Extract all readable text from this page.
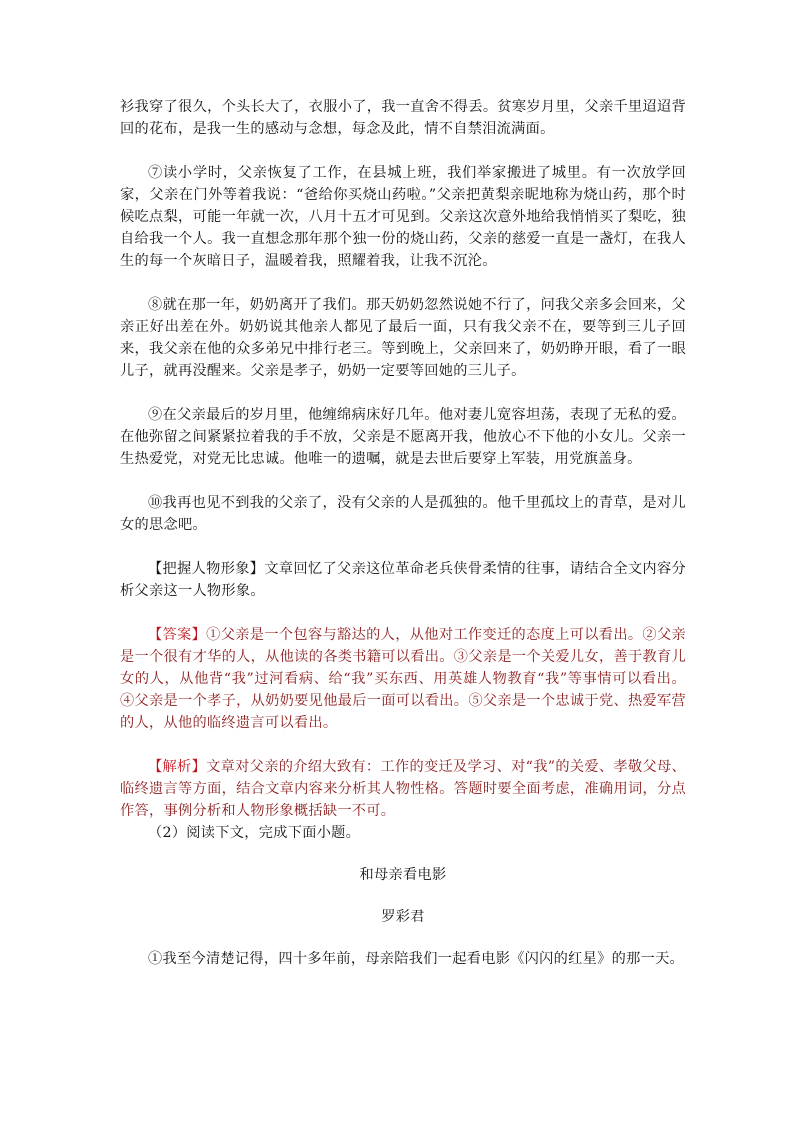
衫我穿了很久，个头长大了，衣服小了，我一直舍不得丢。贫寒岁月里，父亲千里迢迢背回的花布，是我一生的感动与念想，每念及此，情不自禁泪流满面。

⑦读小学时，父亲恢复了工作，在县城上班，我们举家搬进了城里。有一次放学回家，父亲在门外等着我说：“爸给你买烧山药啦。”父亲把黄梨亲昵地称为烧山药，那个时候吃点梨，可能一年就一次，八月十五才可见到。父亲这次意外地给我悄悄买了梨吃，独自给我一个人。我一直想念那年那个独一份的烧山药，父亲的慈爱一直是一盏灯，在我人生的每一个灰暗日子，温暖着我，照耀着我，让我不沉沦。

⑧就在那一年，奶奶离开了我们。那天奶奶忽然说她不行了，问我父亲多会回来，父亲正好出差在外。奶奶说其他亲人都见了最后一面，只有我父亲不在，要等到三儿子回来，我父亲在他的众多弟兄中排行老三。等到晚上，父亲回来了，奶奶睁开眼，看了一眼儿子，就再没醒来。父亲是孝子，奶奶一定要等回她的三儿子。

⑨在父亲最后的岁月里，他缠绵病床好几年。他对妻儿宽容坦荡，表现了无私的爱。在他弥留之间紧紧拉着我的手不放，父亲是不愿离开我，他放心不下他的小女儿。父亲一生热爱党，对党无比忠诚。他唯一的遗嘱，就是去世后要穿上军装，用党旗盖身。

⑩我再也见不到我的父亲了，没有父亲的人是孤独的。他千里孤坟上的青草，是对儿女的思念吧。

【把握人物形象】文章回忆了父亲这位革命老兵侠骨柔情的往事，请结合全文内容分析父亲这一人物形象。

【答案】①父亲是一个包容与豁达的人，从他对工作变迁的态度上可以看出。②父亲是一个很有才华的人，从他读的各类书籍可以看出。③父亲是一个关爱儿女，善于教育儿女的人，从他背“我”过河看病、给“我”买东西、用英雄人物教育“我”等事情可以看出。④父亲是一个孝子，从奶奶要见他最后一面可以看出。⑤父亲是一个忠诚于党、热爱军营的人，从他的临终遗言可以看出。

【解析】文章对父亲的介绍大致有：工作的变迁及学习、对“我”的关爱、孝敬父母、临终遗言等方面，结合文章内容来分析其人物性格。答题时要全面考虑，准确用词，分点作答，事例分析和人物形象概括缺一不可。

（2）阅读下文，完成下面小题。

和母亲看电影

罗彩君

①我至今清楚记得，四十多年前，母亲陪我们一起看电影《闪闪的红星》的那一天。
